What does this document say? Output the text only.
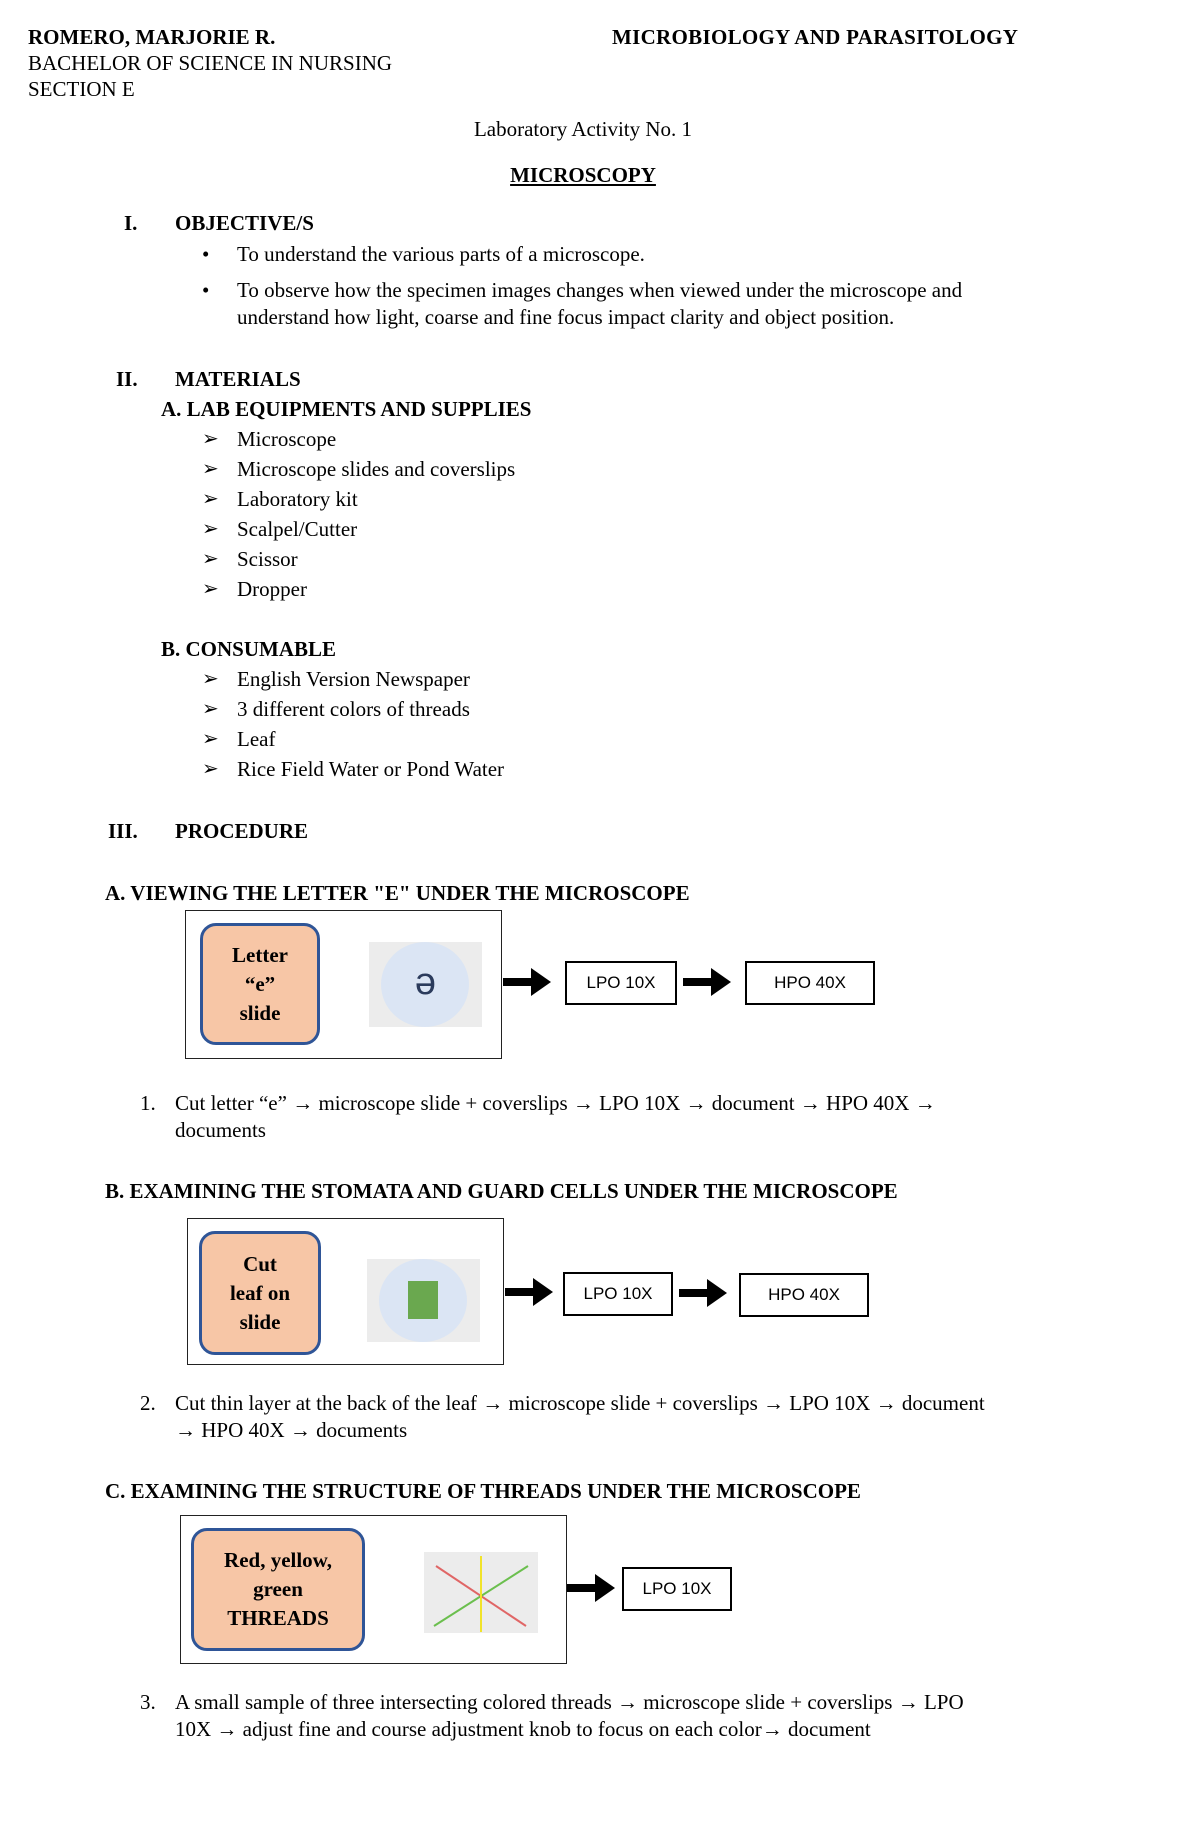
ROMERO, MARJORIE R.
BACHELOR OF SCIENCE IN NURSING
SECTION E
MICROBIOLOGY AND PARASITOLOGY
Laboratory Activity No. 1
MICROSCOPY
I. OBJECTIVE/S
• To understand the various parts of a microscope.
• To observe how the specimen images changes when viewed under the microscope and
understand how light, coarse and fine focus impact clarity and object position.
II. MATERIALS
A. LAB EQUIPMENTS AND SUPPLIES
➢ Microscope
➢ Microscope slides and coverslips
➢ Laboratory kit
➢ Scalpel/Cutter
➢ Scissor
➢ Dropper
B. CONSUMABLE
➢ English Version Newspaper
➢ 3 different colors of threads
➢ Leaf
➢ Rice Field Water or Pond Water
III. PROCEDURE
A. VIEWING THE LETTER "E" UNDER THE MICROSCOPE
Letter
“e”
slide
ə	LPO 10X	HPO 40X
1. Cut letter “e” → microscope slide + coverslips → LPO 10X → document → HPO 40X →
documents
B. EXAMINING THE STOMATA AND GUARD CELLS UNDER THE MICROSCOPE
Cut
leaf on
slide
LPO 10X	HPO 40X
2. Cut thin layer at the back of the leaf → microscope slide + coverslips → LPO 10X → document
→ HPO 40X → documents
C. EXAMINING THE STRUCTURE OF THREADS UNDER THE MICROSCOPE
Red, yellow,
green
THREADS
LPO 10X
3. A small sample of three intersecting colored threads → microscope slide + coverslips → LPO
10X → adjust fine and course adjustment knob to focus on each color→ document
